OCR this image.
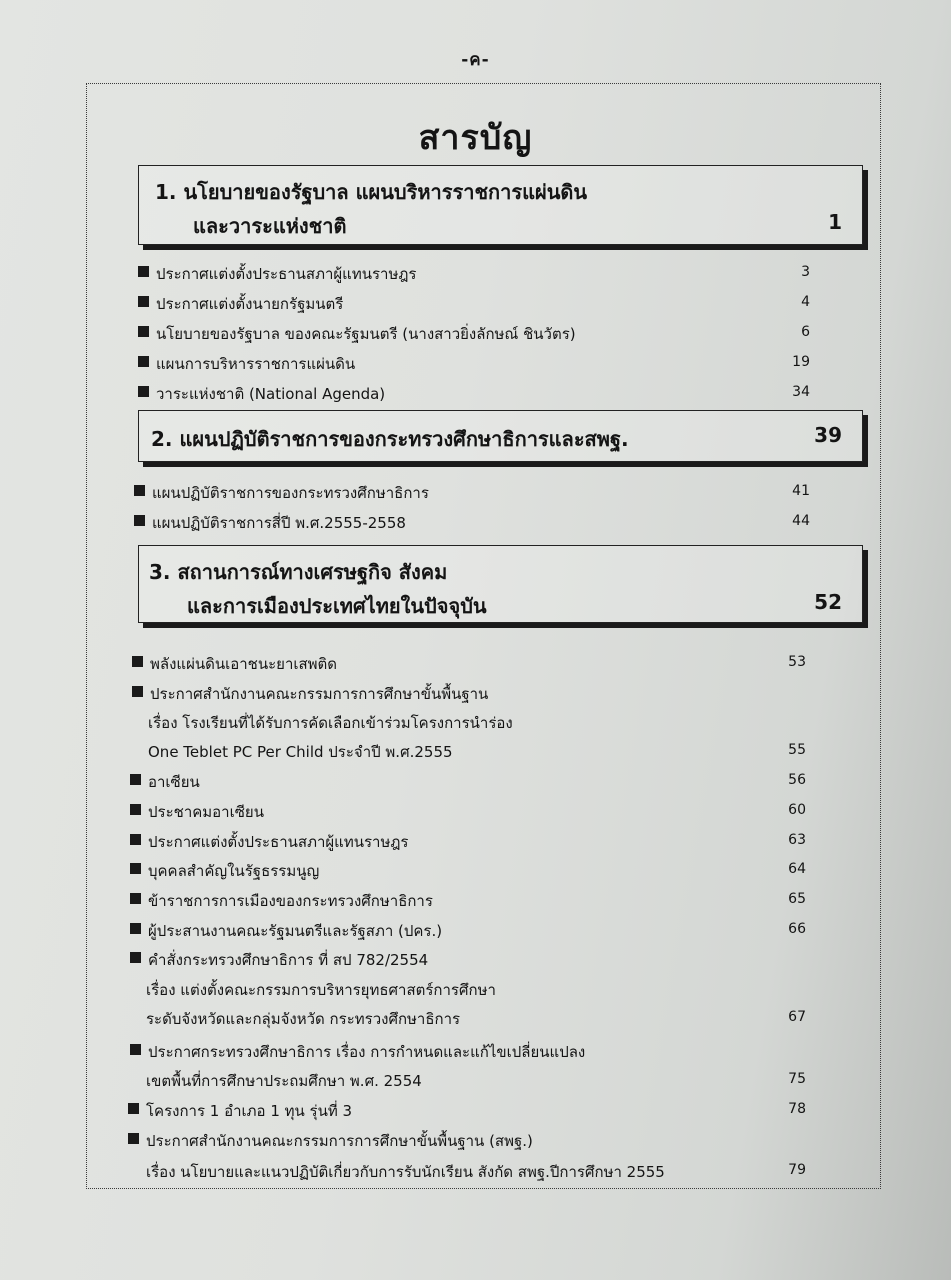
-ค-
สารบัญ
1. นโยบายของรัฐบาล แผนบริหารราชการแผ่นดิน
และวาระแห่งชาติ	1
ประกาศแต่งตั้งประธานสภาผู้แทนราษฎร	3
ประกาศแต่งตั้งนายกรัฐมนตรี	4
นโยบายของรัฐบาล ของคณะรัฐมนตรี (นางสาวยิ่งลักษณ์ ชินวัตร)	6
แผนการบริหารราชการแผ่นดิน	19
วาระแห่งชาติ (National Agenda)	34
2. แผนปฏิบัติราชการของกระทรวงศึกษาธิการและสพฐ.	39
แผนปฏิบัติราชการของกระทรวงศึกษาธิการ	41
แผนปฏิบัติราชการสี่ปี พ.ศ.2555-2558	44
3. สถานการณ์ทางเศรษฐกิจ สังคม
และการเมืองประเทศไทยในปัจจุบัน	52
พลังแผ่นดินเอาชนะยาเสพติด	53
ประกาศสำนักงานคณะกรรมการการศึกษาขั้นพื้นฐาน
เรื่อง โรงเรียนที่ได้รับการคัดเลือกเข้าร่วมโครงการนำร่อง
One Teblet PC Per Child ประจำปี พ.ศ.2555	55
อาเซียน	56
ประชาคมอาเซียน	60
ประกาศแต่งตั้งประธานสภาผู้แทนราษฎร	63
บุคคลสำคัญในรัฐธรรมนูญ	64
ข้าราชการการเมืองของกระทรวงศึกษาธิการ	65
ผู้ประสานงานคณะรัฐมนตรีและรัฐสภา (ปคร.)	66
คำสั่งกระทรวงศึกษาธิการ ที่ สป 782/2554
เรื่อง แต่งตั้งคณะกรรมการบริหารยุทธศาสตร์การศึกษา
ระดับจังหวัดและกลุ่มจังหวัด กระทรวงศึกษาธิการ	67
ประกาศกระทรวงศึกษาธิการ เรื่อง การกำหนดและแก้ไขเปลี่ยนแปลง
เขตพื้นที่การศึกษาประถมศึกษา พ.ศ. 2554	75
โครงการ 1 อำเภอ 1 ทุน รุ่นที่ 3	78
ประกาศสำนักงานคณะกรรมการการศึกษาขั้นพื้นฐาน (สพฐ.)
เรื่อง นโยบายและแนวปฏิบัติเกี่ยวกับการรับนักเรียน สังกัด สพฐ.ปีการศึกษา 2555	79
